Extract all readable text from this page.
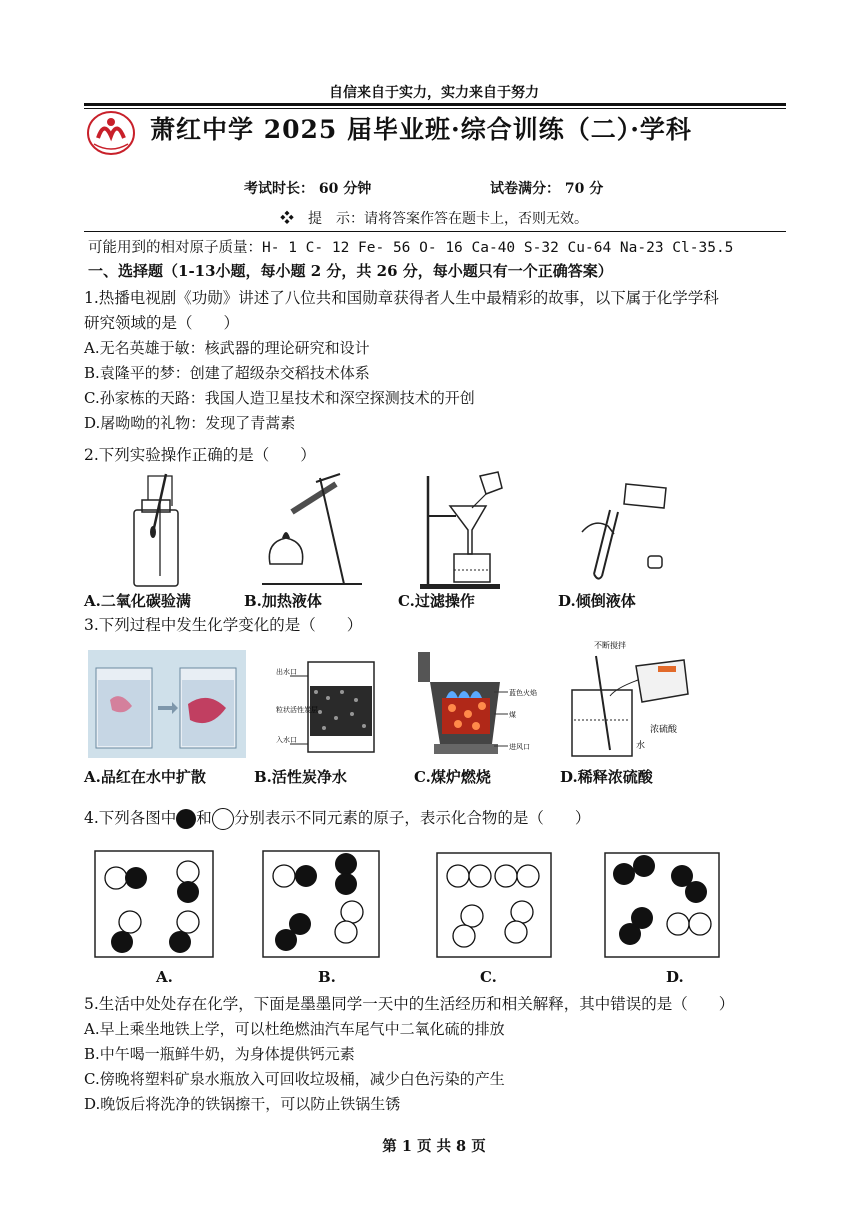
自信来自于实力，实力来自于努力
萧红中学 2025 届毕业班·综合训练（二）·学科
考试时长： 60 分钟	试卷满分： 70 分
❖　提　示：请将答案作答在题卡上，否则无效。
可能用到的相对原子质量：H- 1 C- 12 Fe- 56 O- 16 Ca-40 S-32 Cu-64 Na-23 Cl-35.5
一、选择题（1-13小题，每小题 2 分，共 26 分，每小题只有一个正确答案）
1.热播电视剧《功勋》讲述了八位共和国勋章获得者人生中最精彩的故事，以下属于化学学科
研究领域的是（　　）
A.无名英雄于敏：核武器的理论研究和设计
B.袁隆平的梦：创建了超级杂交稻技术体系
C.孙家栋的天路：我国人造卫星技术和深空探测技术的开创
D.屠呦呦的礼物：发现了青蒿素
2.下列实验操作正确的是（　　）
A.二氧化碳验满	B.加热液体	C.过滤操作	D.倾倒液体
3.下列过程中发生化学变化的是（　　）
出水口
粒状活性炭层
入水口
蓝色火焰
煤
进风口
不断搅拌
浓硫酸
水
A.品红在水中扩散	B.活性炭净水	C.煤炉燃烧	D.稀释浓硫酸
4.下列各图中 和 分别表示不同元素的原子，表示化合物的是（　　）
A.	B.	C.	D.
5.生活中处处存在化学，下面是墨墨同学一天中的生活经历和相关解释，其中错误的是（　　）
A.早上乘坐地铁上学，可以杜绝燃油汽车尾气中二氧化硫的排放
B.中午喝一瓶鲜牛奶，为身体提供钙元素
C.傍晚将塑料矿泉水瓶放入可回收垃圾桶，减少白色污染的产生
D.晚饭后将洗净的铁锅擦干，可以防止铁锅生锈
第 1 页 共 8 页
